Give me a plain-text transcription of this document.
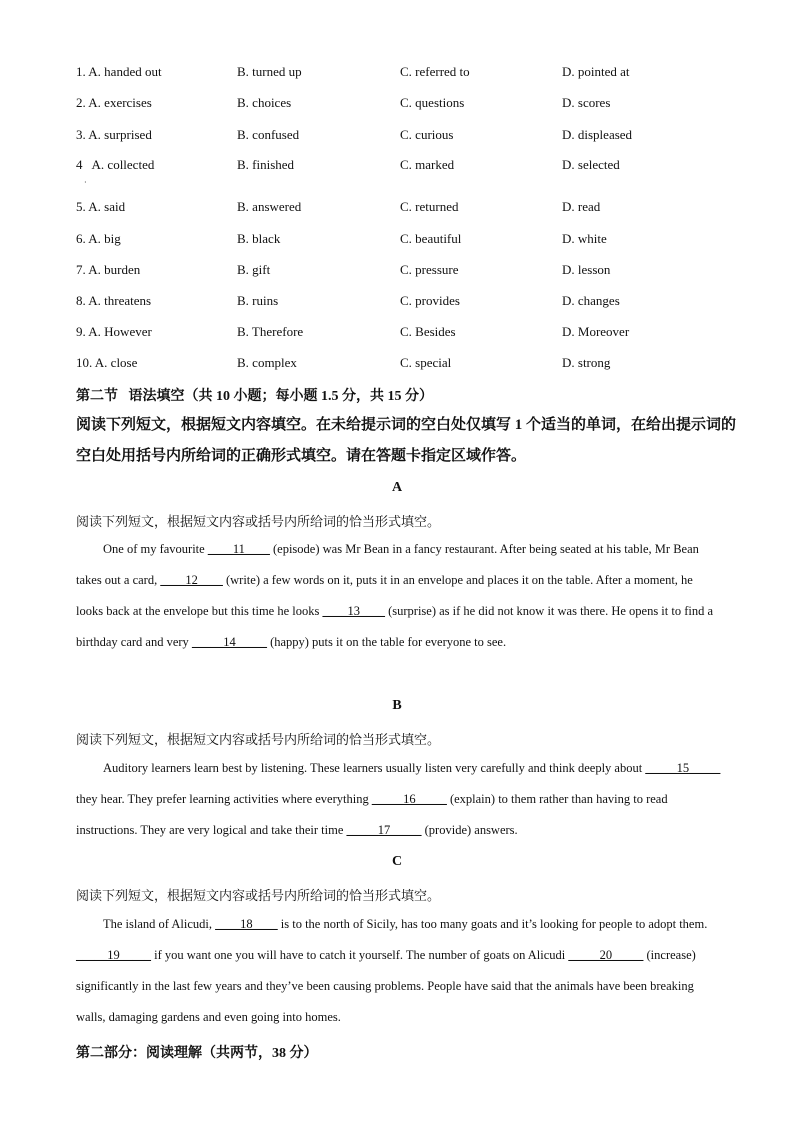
1. A. handed out	B. turned up	C. referred to	D. pointed at
2. A. exercises	B. choices	C. questions	D. scores
3. A. surprised	B. confused	C. curious	D. displeased
4   A. collected	B. finished	C. marked	D. selected
·
5. A. said	B. answered	C. returned	D. read
6. A. big	B. black	C. beautiful	D. white
7. A. burden	B. gift	C. pressure	D. lesson
8. A. threatens	B. ruins	C. provides	D. changes
9. A. However	B. Therefore	C. Besides	D. Moreover
10. A. close	B. complex	C. special	D. strong
第二节   语法填空（共 10 小题；每小题 1.5 分，共 15 分）
阅读下列短文，根据短文内容填空。在未给提示词的空白处仅填写 1 个适当的单词，在给出提示词的空白处用括号内所给词的正确形式填空。请在答题卡指定区域作答。
A
阅读下列短文，根据短文内容或括号内所给词的恰当形式填空。
One of my favourite ____11____ (episode) was Mr Bean in a fancy restaurant. After being seated at his table, Mr Bean takes out a card, ____12____ (write) a few words on it, puts it in an envelope and places it on the table. After a moment, he looks back at the envelope but this time he looks ____13____ (surprise) as if he did not know it was there. He opens it to find a birthday card and very _____14_____ (happy) puts it on the table for everyone to see.
B
阅读下列短文，根据短文内容或括号内所给词的恰当形式填空。
Auditory learners learn best by listening. These learners usually listen very carefully and think deeply about _____15_____ they hear. They prefer learning activities where everything _____16_____ (explain) to them rather than having to read instructions. They are very logical and take their time _____17_____ (provide) answers.
C
阅读下列短文，根据短文内容或括号内所给词的恰当形式填空。
The island of Alicudi, ____18____ is to the north of Sicily, has too many goats and it’s looking for people to adopt them. _____19_____ if you want one you will have to catch it yourself. The number of goats on Alicudi _____20_____ (increase) significantly in the last few years and they’ve been causing problems. People have said that the animals have been breaking walls, damaging gardens and even going into homes.
第二部分：阅读理解（共两节，38 分）
